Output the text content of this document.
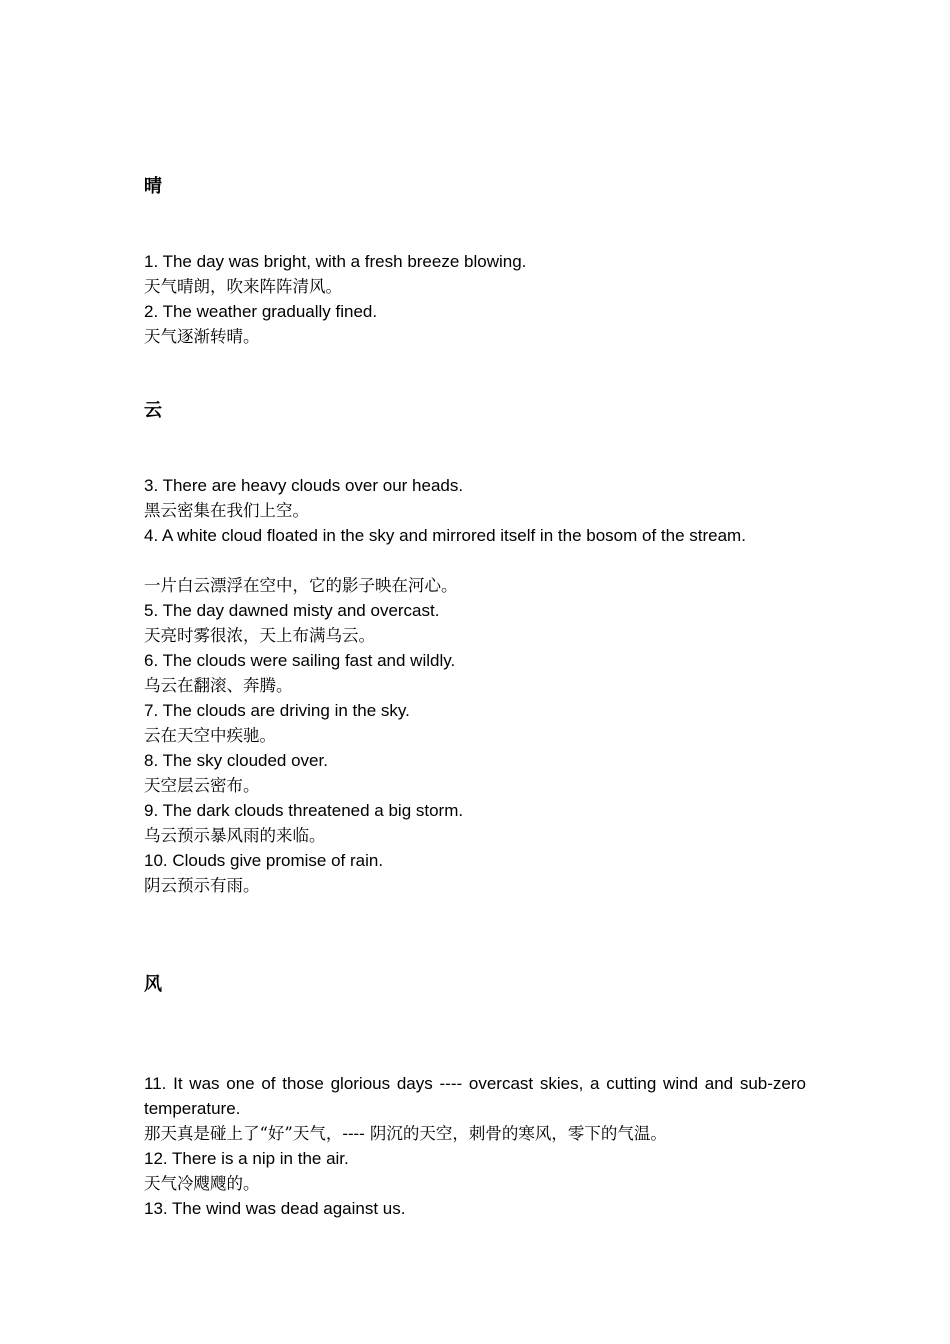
晴

1. The day was bright, with a fresh breeze blowing.

天气晴朗，吹来阵阵清风。

2. The weather gradually fined.

天气逐渐转晴。

云

3. There are heavy clouds over our heads.

黑云密集在我们上空。

4. A white cloud floated in the sky and mirrored itself in the bosom of the stream.

一片白云漂浮在空中，它的影子映在河心。

5. The day dawned misty and overcast.

天亮时雾很浓，天上布满乌云。

6. The clouds were sailing fast and wildly.

乌云在翻滚、奔腾。

7. The clouds are driving in the sky.

云在天空中疾驰。

8. The sky clouded over.

天空层云密布。

9. The dark clouds threatened a big storm.

乌云预示暴风雨的来临。

10. Clouds give promise of rain.

阴云预示有雨。

风

11. It was one of those glorious days ---- overcast skies, a cutting wind and sub-zero temperature.

那天真是碰上了“好”天气，---- 阴沉的天空，刺骨的寒风，零下的气温。

12. There is a nip in the air.

天气冷飕飕的。

13. The wind was dead against us.
